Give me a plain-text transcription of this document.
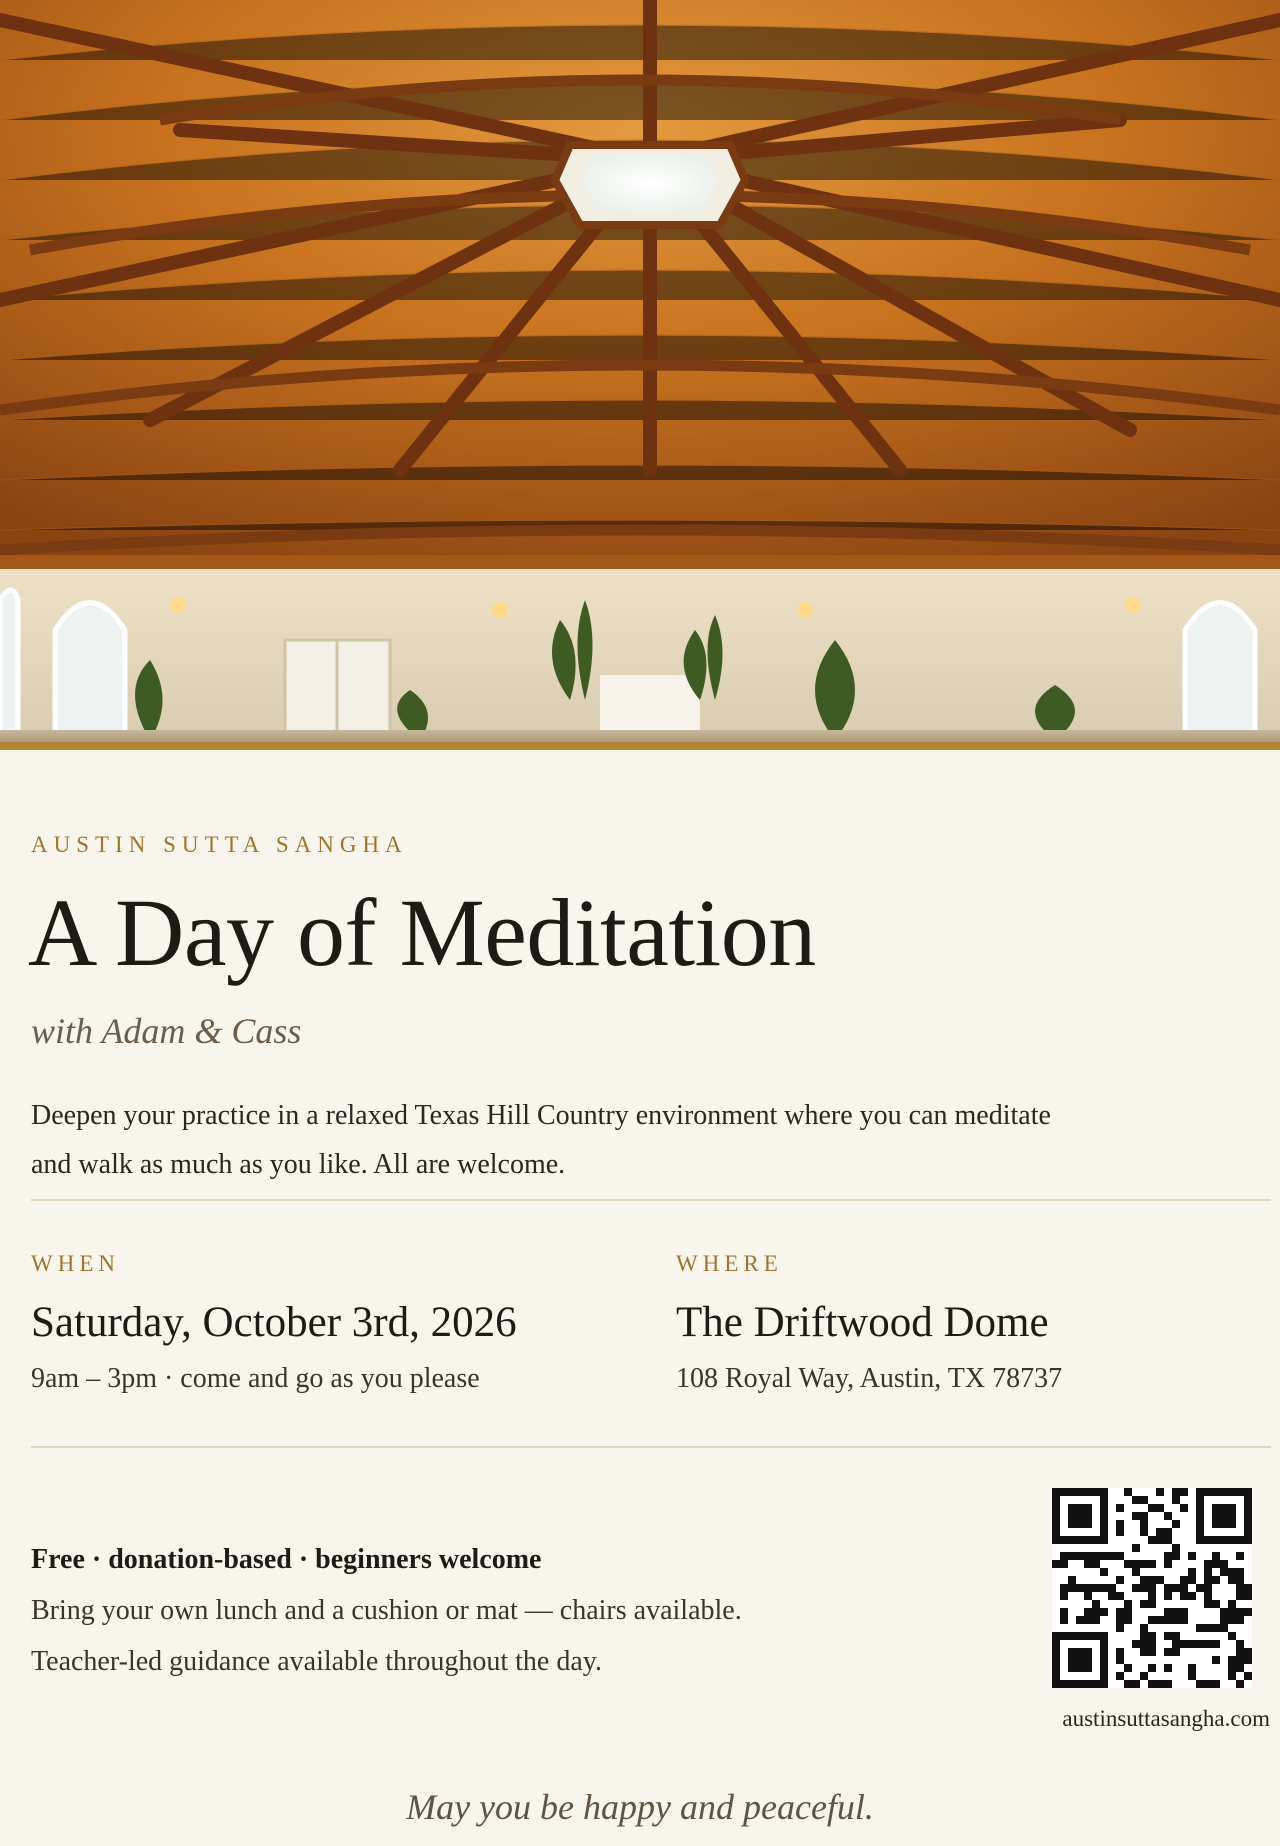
AUSTIN SUTTA SANGHA
A Day of Meditation
with Adam & Cass

Deepen your practice in a relaxed Texas Hill Country environment where you can meditate and walk as much as you like. All are welcome.

WHEN
Saturday, October 3rd, 2026
9am – 3pm · come and go as you please
WHERE
The Driftwood Dome
108 Royal Way, Austin, TX 78737
Free · donation-based · beginners welcome
Bring your own lunch and a cushion or mat — chairs available.
Teacher-led guidance available throughout the day.
austinsuttasangha.com
May you be happy and peaceful.
